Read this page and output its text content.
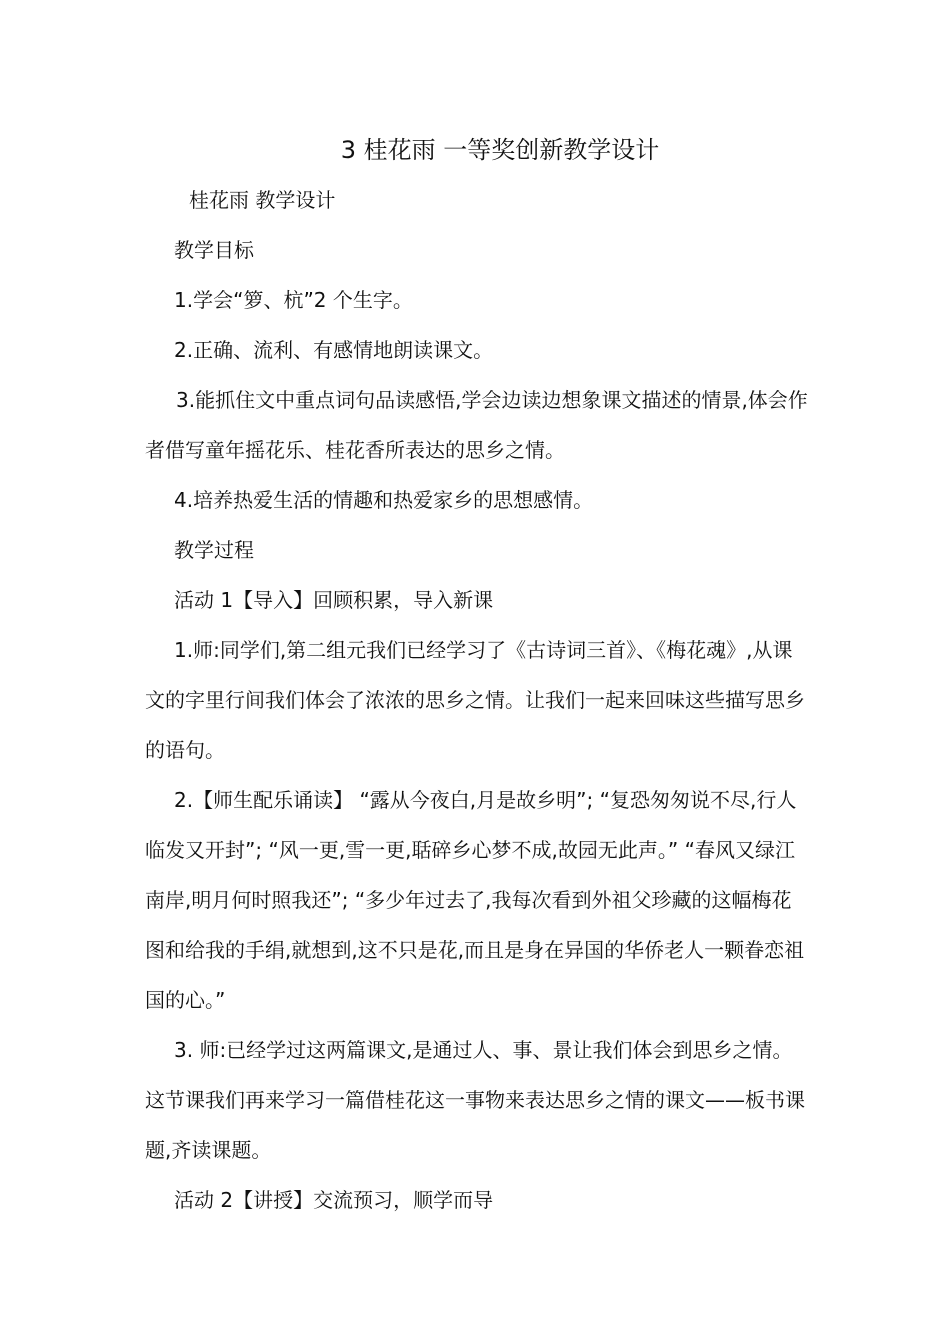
3 桂花雨 一等奖创新教学设计

桂花雨 教学设计

教学目标

1.学会“箩、杭”2 个生字。

2.正确、流利、有感情地朗读课文。

3.能抓住文中重点词句品读感悟,学会边读边想象课文描述的情景,体会作者借写童年摇花乐、桂花香所表达的思乡之情。

4.培养热爱生活的情趣和热爱家乡的思想感情。

教学过程

活动 1【导入】回顾积累，导入新课

1.师:同学们,第二组元我们已经学习了《古诗词三首》、《梅花魂》,从课文的字里行间我们体会了浓浓的思乡之情。让我们一起来回味这些描写思乡的语句。

2.【师生配乐诵读】 “露从今夜白,月是故乡明”; “复恐匆匆说不尽,行人临发又开封”; “风一更,雪一更,聒碎乡心梦不成,故园无此声。” “春风又绿江南岸,明月何时照我还”; “多少年过去了,我每次看到外祖父珍藏的这幅梅花图和给我的手绢,就想到,这不只是花,而且是身在异国的华侨老人一颗眷恋祖国的心。”

3. 师:已经学过这两篇课文,是通过人、事、景让我们体会到思乡之情。这节课我们再来学习一篇借桂花这一事物来表达思乡之情的课文——板书课题,齐读课题。

活动 2【讲授】交流预习，顺学而导
